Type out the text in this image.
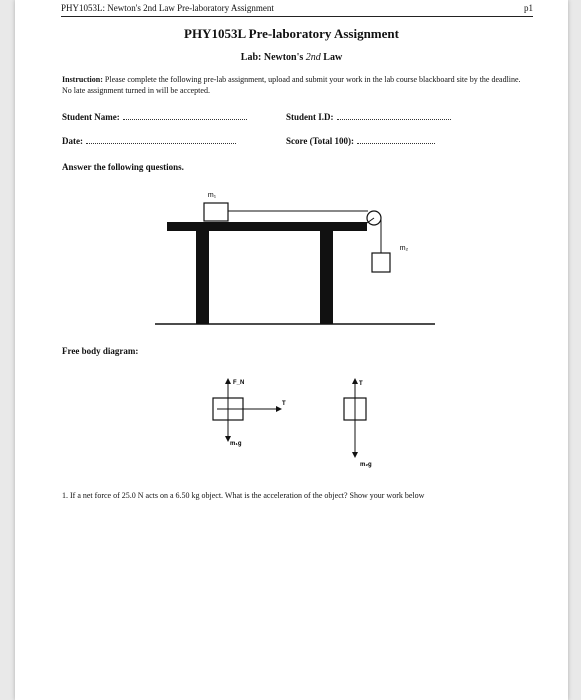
PHY1053L: Newton's 2nd Law Pre-laboratory Assignment	p1
PHY1053L Pre-laboratory Assignment
Lab: Newton's 2nd Law
Instruction: Please complete the following pre-lab assignment, upload and submit your work in the lab course blackboard site by the deadline. No late assignment turned in will be accepted.
Student Name:	Student I.D:
Date:	Score (Total 100):
Answer the following questions.
m₁
m₂
Free body diagram:
F_N
T
m₁g
T
m₂g
1. If a net force of 25.0 N acts on a 6.50 kg object. What is the acceleration of the object? Show your work below
